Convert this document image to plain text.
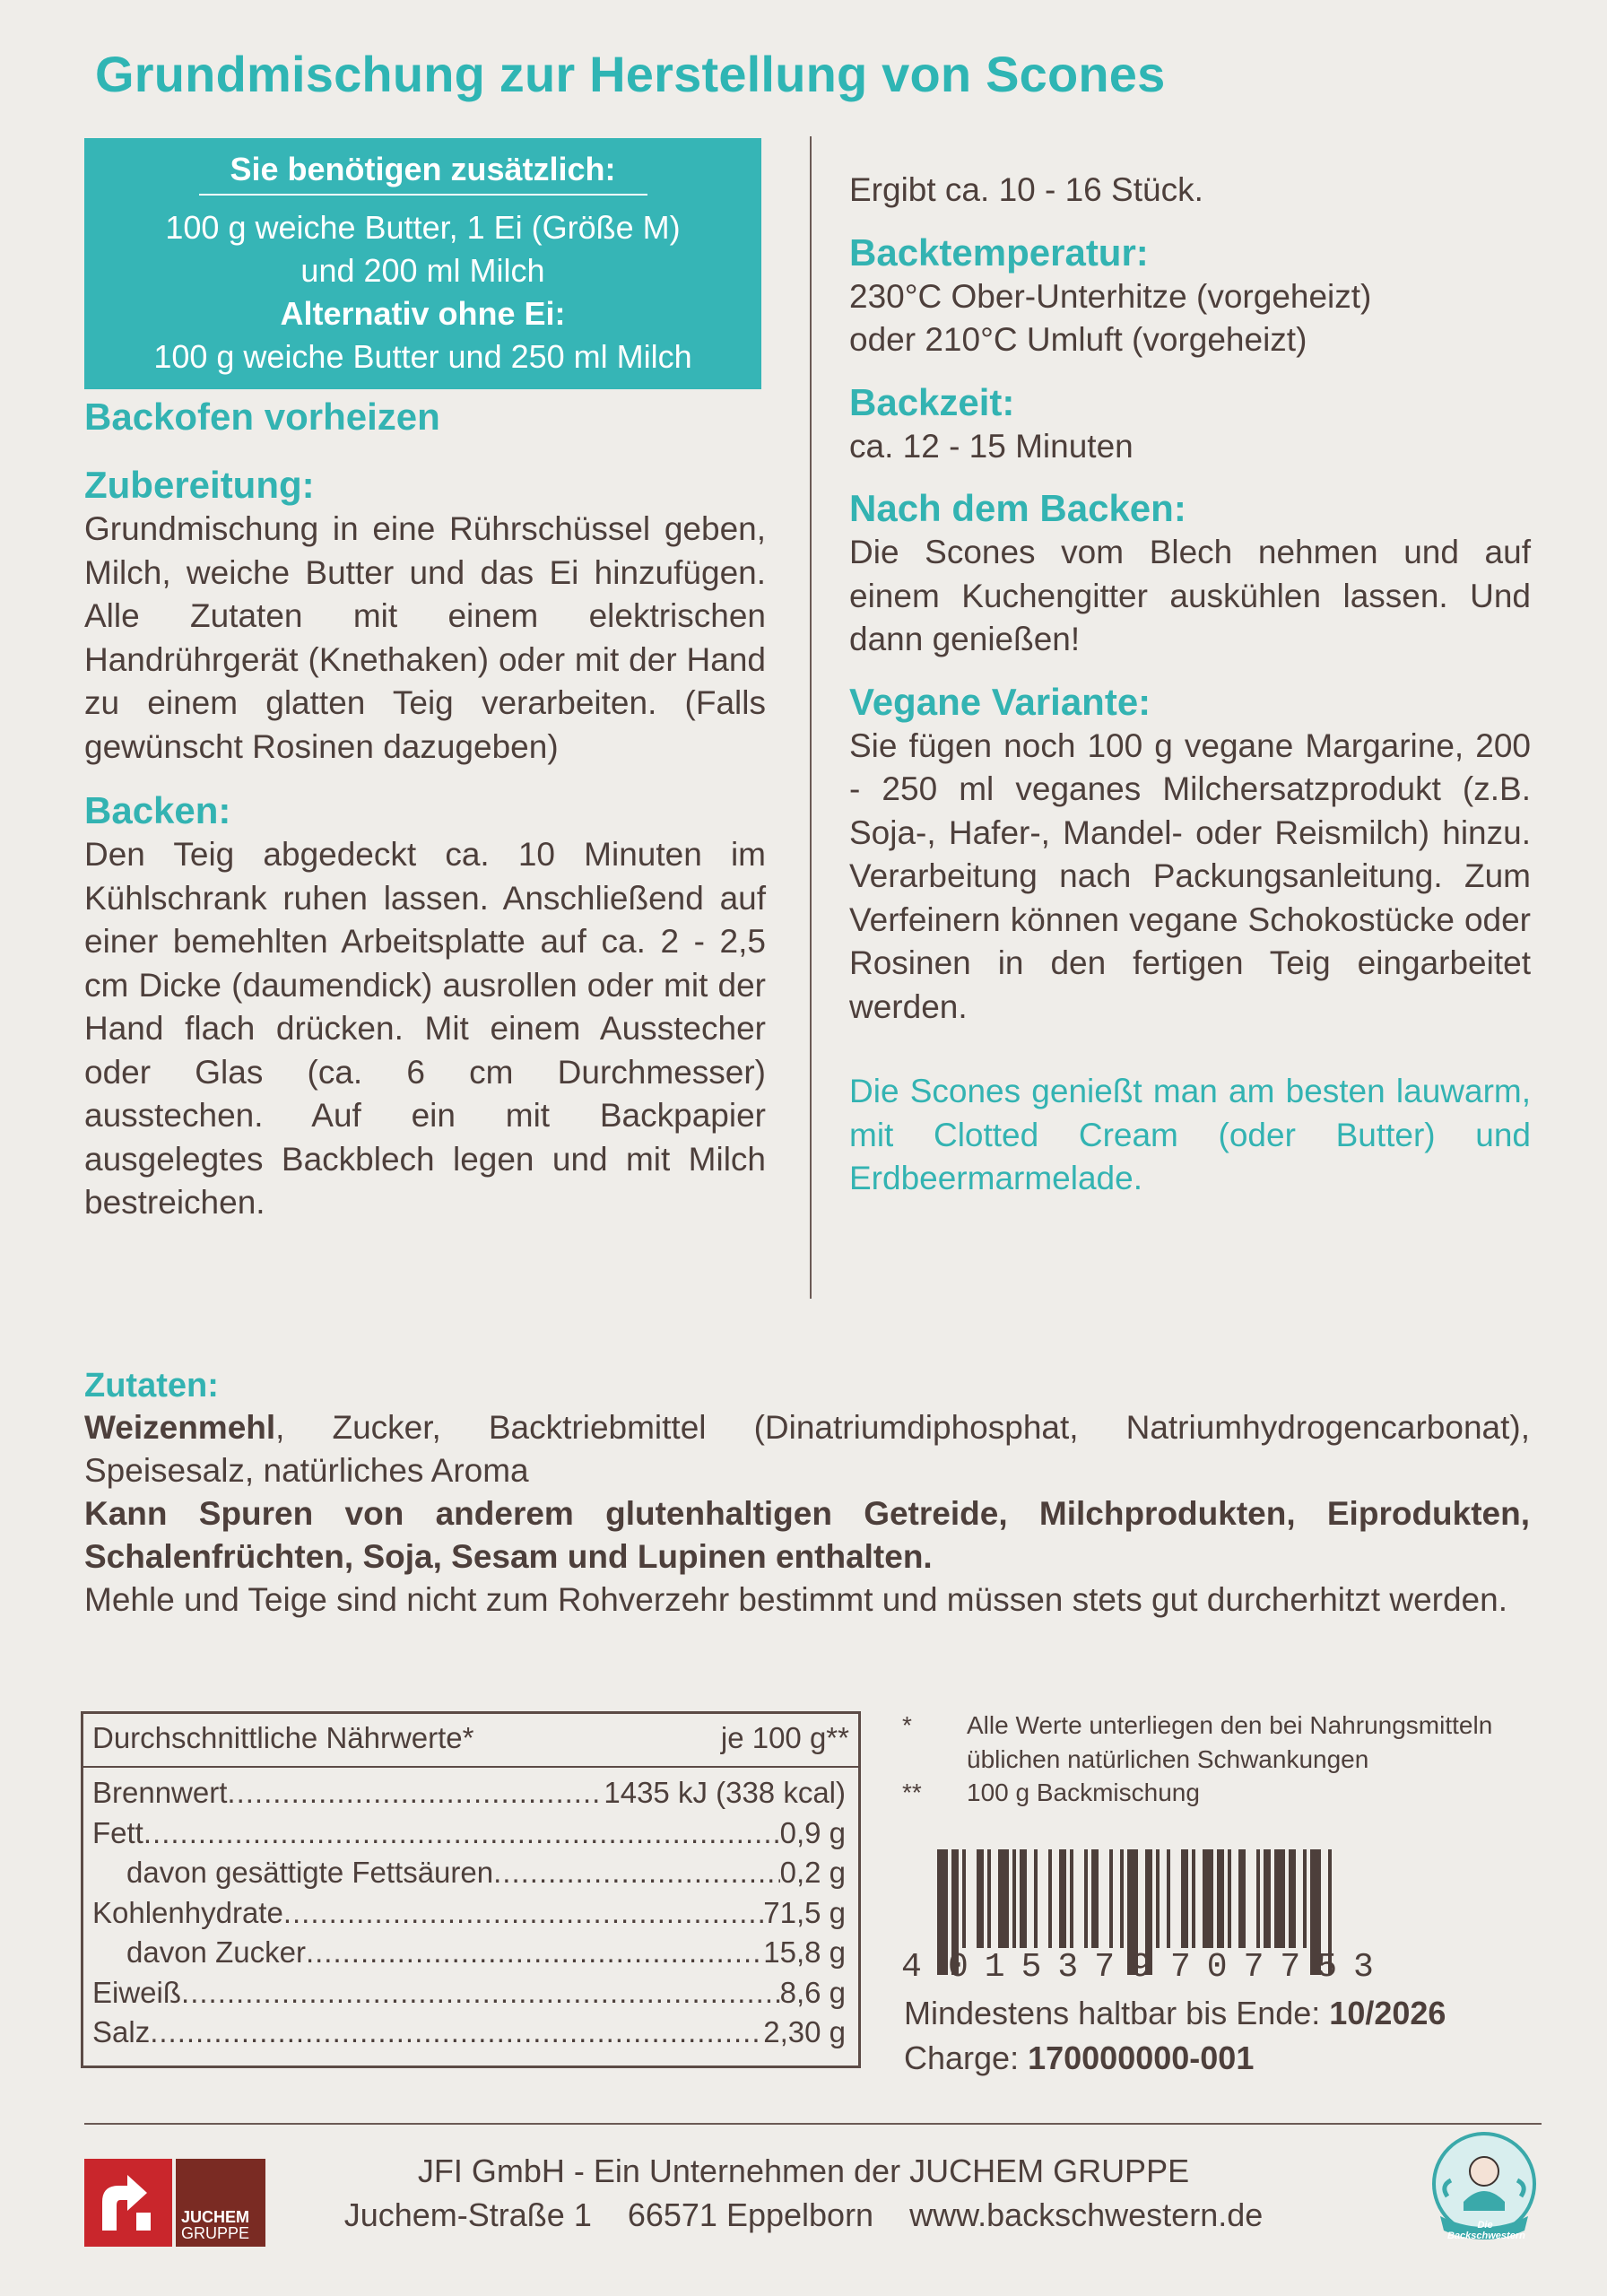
Grundmischung zur Herstellung von Scones
Sie benötigen zusätzlich:
100 g weiche Butter, 1 Ei (Größe M)
und 200 ml Milch
Alternativ ohne Ei:
100 g weiche Butter und 250 ml Milch
Backofen vorheizen
Zubereitung:
Grundmischung in eine Rührschüssel geben, Milch, weiche Butter und das Ei hinzufügen. Alle Zutaten mit einem elektrischen Handrührgerät (Knethaken) oder mit der Hand zu einem glatten Teig verarbeiten. (Falls gewünscht Rosinen dazugeben)
Backen:
Den Teig abgedeckt ca. 10 Minuten im Kühlschrank ruhen lassen. Anschließend auf einer bemehlten Arbeitsplatte auf ca. 2 - 2,5 cm Dicke (daumendick) ausrollen oder mit der Hand flach drücken. Mit einem Ausstecher oder Glas (ca. 6 cm Durchmesser) ausstechen. Auf ein mit Backpapier ausgelegtes Backblech legen und mit Milch bestreichen.
Ergibt ca. 10 - 16 Stück.
Backtemperatur:
230°C Ober-Unterhitze (vorgeheizt)
oder 210°C Umluft (vorgeheizt)
Backzeit:
ca. 12 - 15 Minuten
Nach dem Backen:
Die Scones vom Blech nehmen und auf einem Kuchengitter auskühlen lassen. Und dann genießen!
Vegane Variante:
Sie fügen noch 100 g vegane Margarine, 200 - 250 ml veganes Milchersatzprodukt (z.B. Soja-, Hafer-, Mandel- oder Reismilch) hinzu. Verarbeitung nach Packungsanleitung. Zum Verfeinern können vegane Schokostücke oder Rosinen in den fertigen Teig eingarbeitet werden.
Die Scones genießt man am besten lauwarm, mit Clotted Cream (oder Butter) und Erdbeermarmelade.
Zutaten:
Weizenmehl, Zucker, Backtriebmittel (Dinatriumdiphosphat, Natriumhydrogencarbonat), Speisesalz, natürliches Aroma
Kann Spuren von anderem glutenhaltigen Getreide, Milchprodukten, Eiprodukten, Schalenfrüchten, Soja, Sesam und Lupinen enthalten.
Mehle und Teige sind nicht zum Rohverzehr bestimmt und müssen stets gut durcherhitzt werden.
Durchschnittliche Nährwerte*	je 100 g**
Brennwert .....	1435 kJ (338 kcal)
Fett .....	0,9 g
davon gesättigte Fettsäuren .....	0,2 g
Kohlenhydrate .....	71,5 g
davon Zucker .....	15,8 g
Eiweiß .....	8,6 g
Salz .....	2,30 g
* Alle Werte unterliegen den bei Nahrungsmitteln üblichen natürlichen Schwankungen
** 100 g Backmischung
4 015379 707753
Mindestens haltbar bis Ende: 10/2026
Charge: 170000000-001
JUCHEM
GRUPPE
JFI GmbH - Ein Unternehmen der JUCHEM GRUPPE
Juchem-Straße 1    66571 Eppelborn    www.backschwestern.de	Die Backschwestern
